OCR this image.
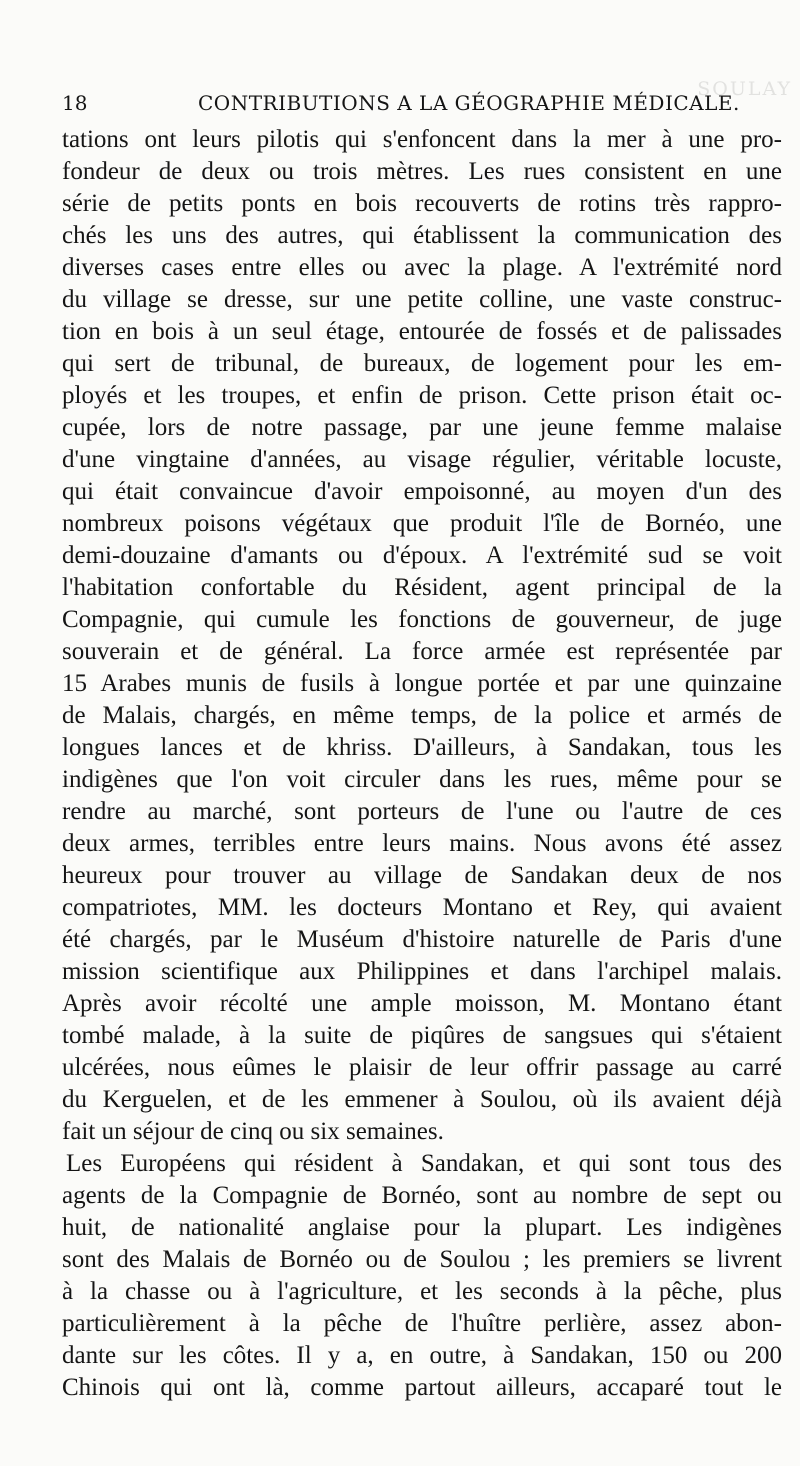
SOULAY
18	CONTRIBUTIONS A LA GÉOGRAPHIE MÉDICALE.
tations ont leurs pilotis qui s'enfoncent dans la mer à une pro-
fondeur de deux ou trois mètres. Les rues consistent en une
série de petits ponts en bois recouverts de rotins très rappro-
chés les uns des autres, qui établissent la communication des
diverses cases entre elles ou avec la plage. A l'extrémité nord
du village se dresse, sur une petite colline, une vaste construc-
tion en bois à un seul étage, entourée de fossés et de palissades
qui sert de tribunal, de bureaux, de logement pour les em-
ployés et les troupes, et enfin de prison. Cette prison était oc-
cupée, lors de notre passage, par une jeune femme malaise
d'une vingtaine d'années, au visage régulier, véritable locuste,
qui était convaincue d'avoir empoisonné, au moyen d'un des
nombreux poisons végétaux que produit l'île de Bornéo, une
demi-douzaine d'amants ou d'époux. A l'extrémité sud se voit
l'habitation confortable du Résident, agent principal de la
Compagnie, qui cumule les fonctions de gouverneur, de juge
souverain et de général. La force armée est représentée par
15 Arabes munis de fusils à longue portée et par une quinzaine
de Malais, chargés, en même temps, de la police et armés de
longues lances et de khriss. D'ailleurs, à Sandakan, tous les
indigènes que l'on voit circuler dans les rues, même pour se
rendre au marché, sont porteurs de l'une ou l'autre de ces
deux armes, terribles entre leurs mains. Nous avons été assez
heureux pour trouver au village de Sandakan deux de nos
compatriotes, MM. les docteurs Montano et Rey, qui avaient
été chargés, par le Muséum d'histoire naturelle de Paris d'une
mission scientifique aux Philippines et dans l'archipel malais.
Après avoir récolté une ample moisson, M. Montano étant
tombé malade, à la suite de piqûres de sangsues qui s'étaient
ulcérées, nous eûmes le plaisir de leur offrir passage au carré
du Kerguelen, et de les emmener à Soulou, où ils avaient déjà
fait un séjour de cinq ou six semaines.
Les Européens qui résident à Sandakan, et qui sont tous des
agents de la Compagnie de Bornéo, sont au nombre de sept ou
huit, de nationalité anglaise pour la plupart. Les indigènes
sont des Malais de Bornéo ou de Soulou ; les premiers se livrent
à la chasse ou à l'agriculture, et les seconds à la pêche, plus
particulièrement à la pêche de l'huître perlière, assez abon-
dante sur les côtes. Il y a, en outre, à Sandakan, 150 ou 200
Chinois qui ont là, comme partout ailleurs, accaparé tout le
